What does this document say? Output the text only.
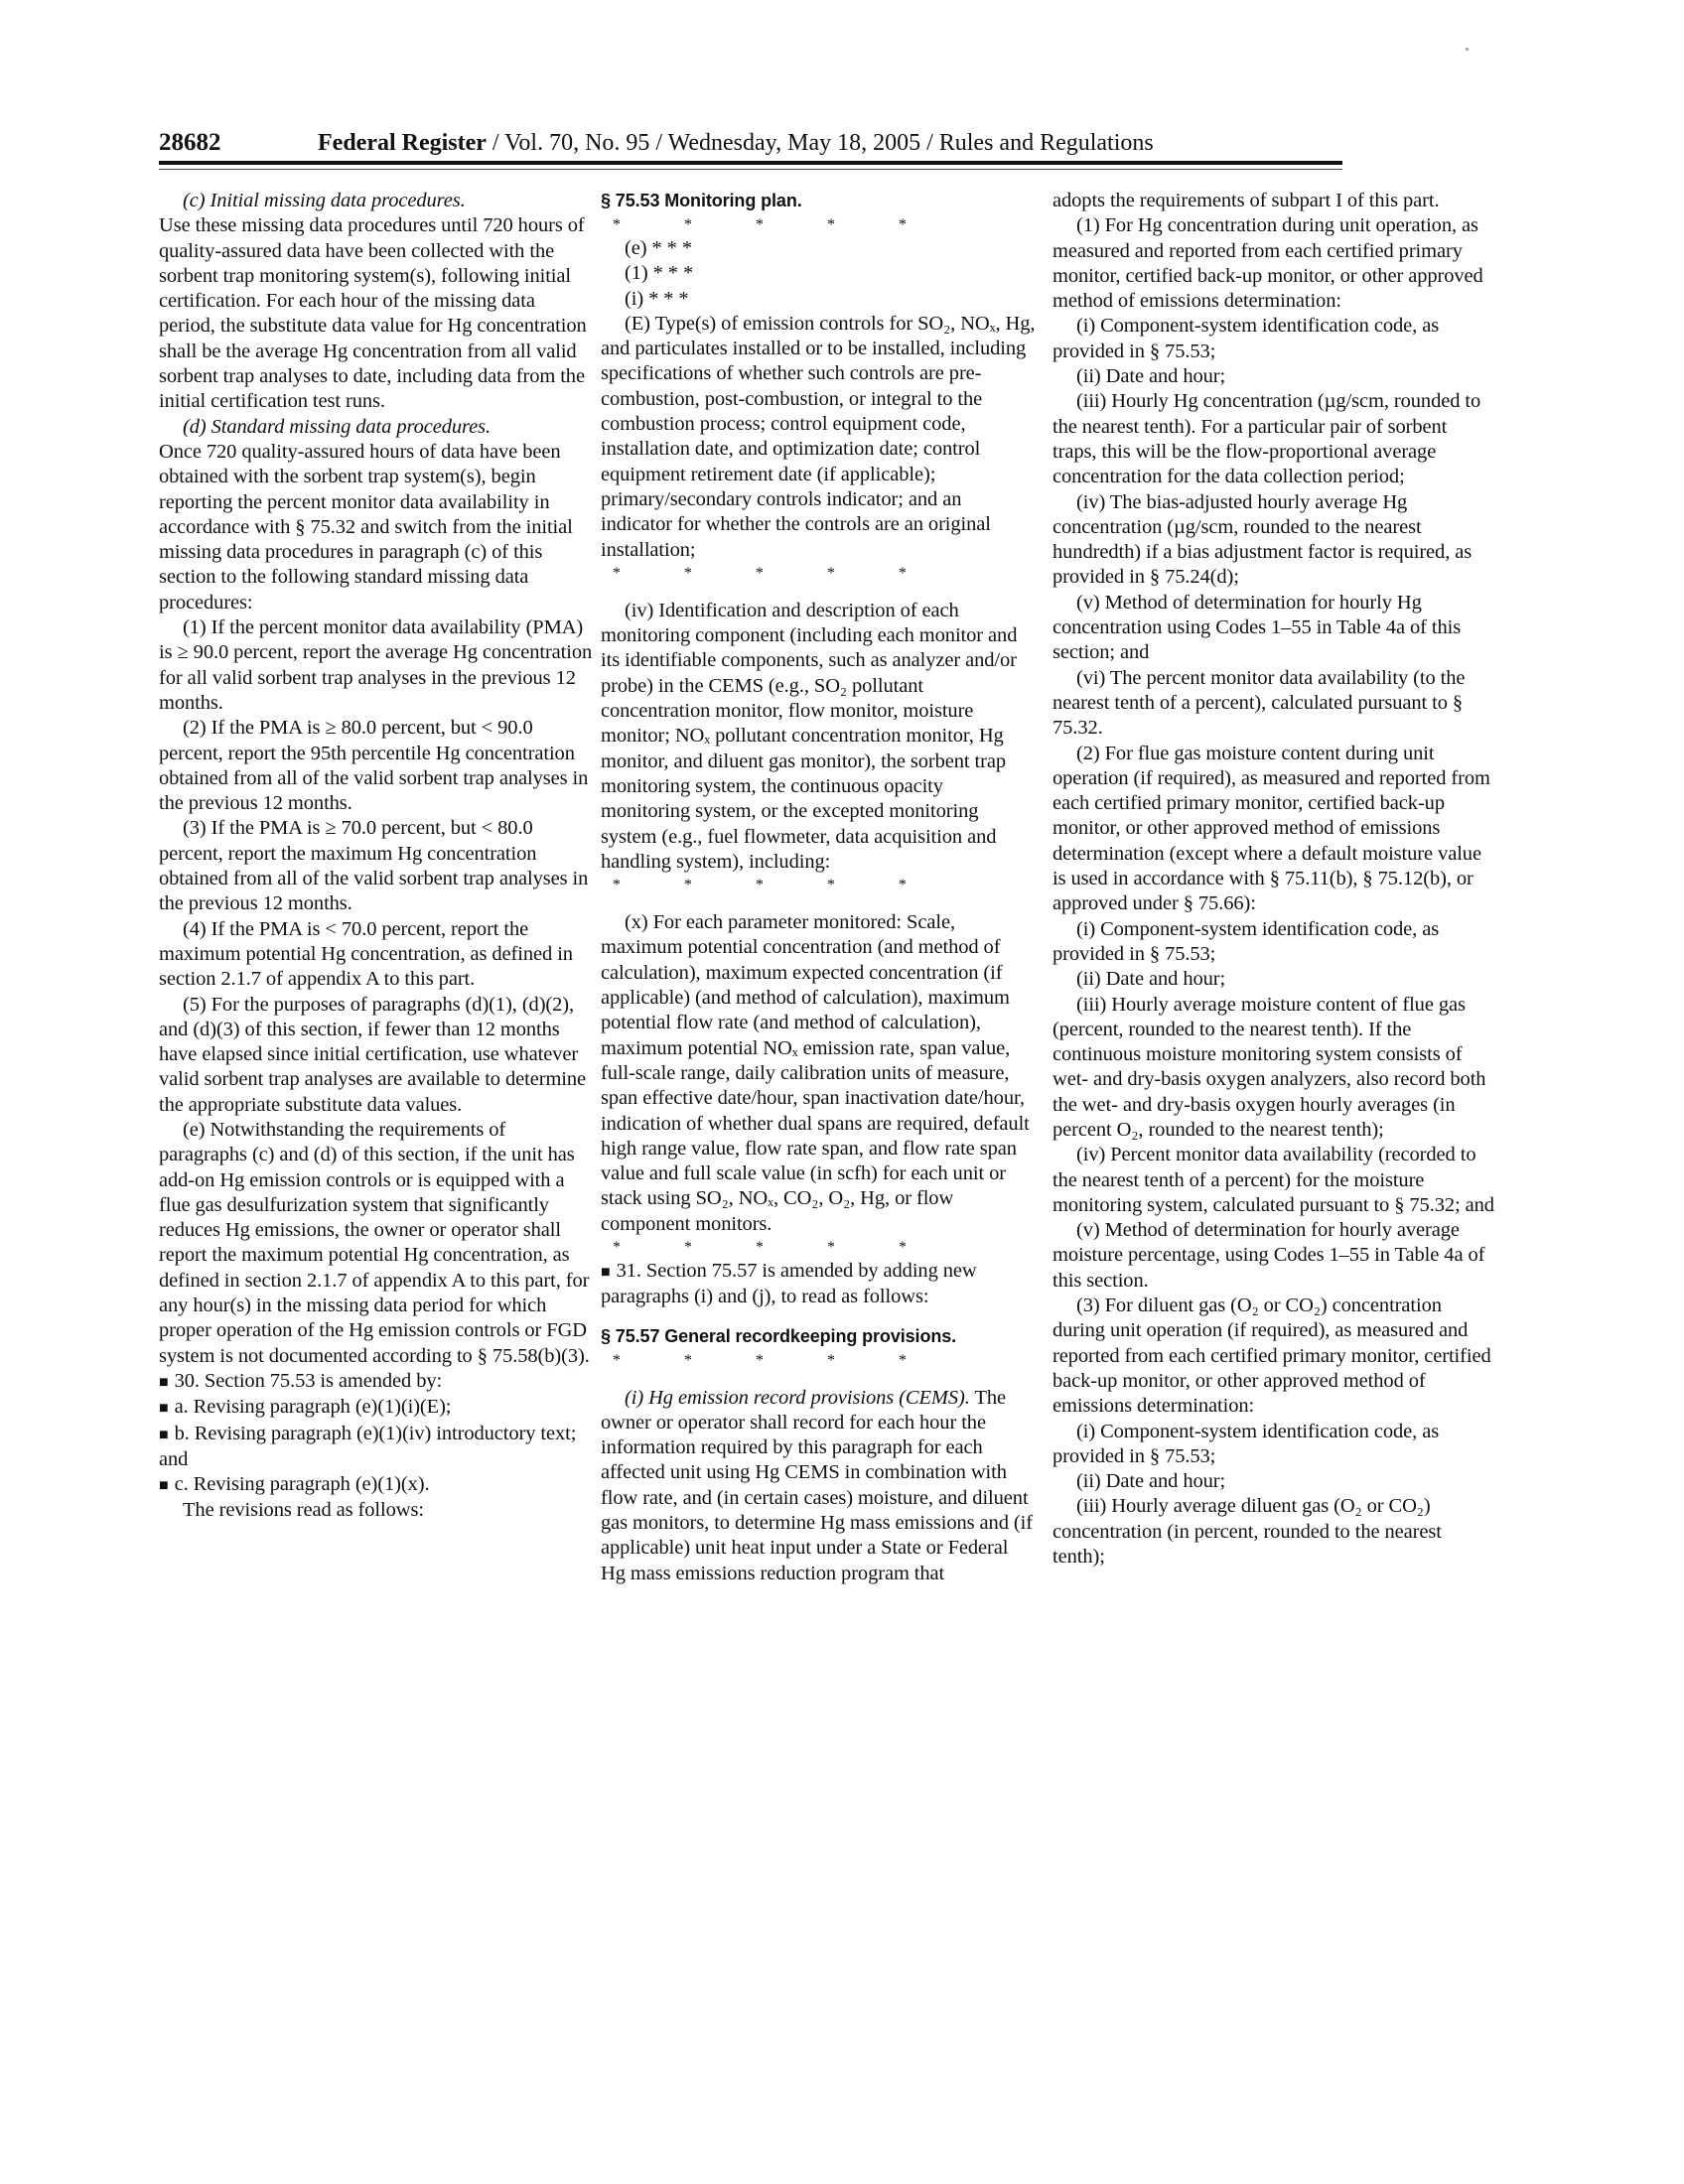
28682	Federal Register / Vol. 70, No. 95 / Wednesday, May 18, 2005 / Rules and Regulations

(c) Initial missing data procedures.

Use these missing data procedures until 720 hours of quality-assured data have been collected with the sorbent trap monitoring system(s), following initial certification. For each hour of the missing data period, the substitute data value for Hg concentration shall be the average Hg concentration from all valid sorbent trap analyses to date, including data from the initial certification test runs.

(d) Standard missing data procedures.

Once 720 quality-assured hours of data have been obtained with the sorbent trap system(s), begin reporting the percent monitor data availability in accordance with § 75.32 and switch from the initial missing data procedures in paragraph (c) of this section to the following standard missing data procedures:

(1) If the percent monitor data availability (PMA) is ≥ 90.0 percent, report the average Hg concentration for all valid sorbent trap analyses in the previous 12 months.

(2) If the PMA is ≥ 80.0 percent, but < 90.0 percent, report the 95th percentile Hg concentration obtained from all of the valid sorbent trap analyses in the previous 12 months.

(3) If the PMA is ≥ 70.0 percent, but < 80.0 percent, report the maximum Hg concentration obtained from all of the valid sorbent trap analyses in the previous 12 months.

(4) If the PMA is < 70.0 percent, report the maximum potential Hg concentration, as defined in section 2.1.7 of appendix A to this part.

(5) For the purposes of paragraphs (d)(1), (d)(2), and (d)(3) of this section, if fewer than 12 months have elapsed since initial certification, use whatever valid sorbent trap analyses are available to determine the appropriate substitute data values.

(e) Notwithstanding the requirements of paragraphs (c) and (d) of this section, if the unit has add-on Hg emission controls or is equipped with a flue gas desulfurization system that significantly reduces Hg emissions, the owner or operator shall report the maximum potential Hg concentration, as defined in section 2.1.7 of appendix A to this part, for any hour(s) in the missing data period for which proper operation of the Hg emission controls or FGD system is not documented according to § 75.58(b)(3).

■ 30. Section 75.53 is amended by:

■ a. Revising paragraph (e)(1)(i)(E);

■ b. Revising paragraph (e)(1)(iv) introductory text; and

■ c. Revising paragraph (e)(1)(x).

The revisions read as follows:

§ 75.53 Monitoring plan.
* * * * *

(e) * * *

(1) * * *

(i) * * *

(E) Type(s) of emission controls for SO₂, NOₓ, Hg, and particulates installed or to be installed, including specifications of whether such controls are pre-combustion, post-combustion, or integral to the combustion process; control equipment code, installation date, and optimization date; control equipment retirement date (if applicable); primary/secondary controls indicator; and an indicator for whether the controls are an original installation;

* * * * *

(iv) Identification and description of each monitoring component (including each monitor and its identifiable components, such as analyzer and/or probe) in the CEMS (e.g., SO₂ pollutant concentration monitor, flow monitor, moisture monitor; NOₓ pollutant concentration monitor, Hg monitor, and diluent gas monitor), the sorbent trap monitoring system, the continuous opacity monitoring system, or the excepted monitoring system (e.g., fuel flowmeter, data acquisition and handling system), including:

* * * * *

(x) For each parameter monitored: Scale, maximum potential concentration (and method of calculation), maximum expected concentration (if applicable) (and method of calculation), maximum potential flow rate (and method of calculation), maximum potential NOₓ emission rate, span value, full-scale range, daily calibration units of measure, span effective date/hour, span inactivation date/hour, indication of whether dual spans are required, default high range value, flow rate span, and flow rate span value and full scale value (in scfh) for each unit or stack using SO₂, NOₓ, CO₂, O₂, Hg, or flow component monitors.

* * * * *

■ 31. Section 75.57 is amended by adding new paragraphs (i) and (j), to read as follows:

§ 75.57 General recordkeeping provisions.
* * * * *

(i) Hg emission record provisions (CEMS). The owner or operator shall record for each hour the information required by this paragraph for each affected unit using Hg CEMS in combination with flow rate, and (in certain cases) moisture, and diluent gas monitors, to determine Hg mass emissions and (if applicable) unit heat input under a State or Federal Hg mass emissions reduction program that

adopts the requirements of subpart I of this part.

(1) For Hg concentration during unit operation, as measured and reported from each certified primary monitor, certified back-up monitor, or other approved method of emissions determination:

(i) Component-system identification code, as provided in § 75.53;

(ii) Date and hour;

(iii) Hourly Hg concentration (µg/scm, rounded to the nearest tenth). For a particular pair of sorbent traps, this will be the flow-proportional average concentration for the data collection period;

(iv) The bias-adjusted hourly average Hg concentration (µg/scm, rounded to the nearest hundredth) if a bias adjustment factor is required, as provided in § 75.24(d);

(v) Method of determination for hourly Hg concentration using Codes 1–55 in Table 4a of this section; and

(vi) The percent monitor data availability (to the nearest tenth of a percent), calculated pursuant to § 75.32.

(2) For flue gas moisture content during unit operation (if required), as measured and reported from each certified primary monitor, certified back-up monitor, or other approved method of emissions determination (except where a default moisture value is used in accordance with § 75.11(b), § 75.12(b), or approved under § 75.66):

(i) Component-system identification code, as provided in § 75.53;

(ii) Date and hour;

(iii) Hourly average moisture content of flue gas (percent, rounded to the nearest tenth). If the continuous moisture monitoring system consists of wet- and dry-basis oxygen analyzers, also record both the wet- and dry-basis oxygen hourly averages (in percent O₂, rounded to the nearest tenth);

(iv) Percent monitor data availability (recorded to the nearest tenth of a percent) for the moisture monitoring system, calculated pursuant to § 75.32; and

(v) Method of determination for hourly average moisture percentage, using Codes 1–55 in Table 4a of this section.

(3) For diluent gas (O₂ or CO₂) concentration during unit operation (if required), as measured and reported from each certified primary monitor, certified back-up monitor, or other approved method of emissions determination:

(i) Component-system identification code, as provided in § 75.53;

(ii) Date and hour;

(iii) Hourly average diluent gas (O₂ or CO₂) concentration (in percent, rounded to the nearest tenth);
